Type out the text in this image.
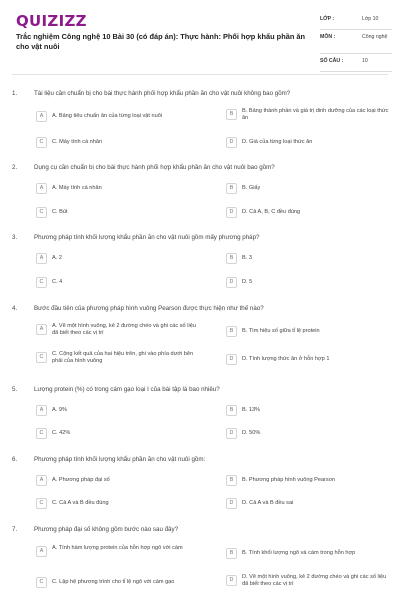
QUIZIZZ
Trắc nghiệm Công nghệ 10 Bài 30 (có đáp án): Thực hành: Phối hợp khẩu phần ăn cho vật nuôi
LỚP :	Lớp 10
MÔN :	Công nghệ
SỐ CÂU :	10
1.	Tài liệu cần chuẩn bị cho bài thực hành phối hợp khẩu phần ăn cho vật nuôi không bao gồm?
A	A. Bảng tiêu chuẩn ăn của từng loại vật nuôi	B	B. Bảng thành phần và giá trị dinh dưỡng của các loại thức ăn
C	C. Máy tính cá nhân	D	D. Giá của từng loại thức ăn
2.	Dụng cụ cần chuẩn bị cho bài thực hành phối hợp khẩu phần ăn cho vật nuôi bao gồm?
A	A. Máy tính cá nhân	B	B. Giấy
C	C. Bút	D	D. Cả A, B, C đều đúng
3.	Phương pháp tính khối lượng khẩu phần ăn cho vật nuôi gồm mấy phương pháp?
A	A. 2	B	B. 3
C	C. 4	D	D. 5
4.	Bước đầu tiên của phương pháp hình vuông Pearson được thực hiện như thế nào?
A	A. Vẽ một hình vuông, kẻ 2 đường chéo và ghi các số liệu đã biết theo các vị trí	B	B. Tìm hiệu số giữa tỉ lệ protein
C	C. Cộng kết quả của hai hiệu trên, ghi vào phía dưới bên phải của hình vuông	D	D. Tính lượng thức ăn ở hỗn hợp 1
5.	Lượng protein (%) có trong cám gạo loại I của bài tập là bao nhiêu?
A	A. 9%	B	B. 13%
C	C. 42%	D	D. 50%
6.	Phương pháp tính khối lượng khẩu phần ăn cho vật nuôi gồm:
A	A. Phương pháp đại số	B	B. Phương pháp hình vuông Pearson
C	C. Cả A và B đều đúng	D	D. Cả A và B đều sai
7.	Phương pháp đại số không gồm bước nào sau đây?
A	A. Tính hàm lượng protein của hỗn hợp ngô với cám
B	B. Tính khối lượng ngô và cám trong hỗn hợp
C	C. Lập hệ phương trình cho tỉ lệ ngô với cám gạo	D	D. Vẽ một hình vuông, kẻ 2 đường chéo và ghi các số liệu đã biết theo các vị trí
